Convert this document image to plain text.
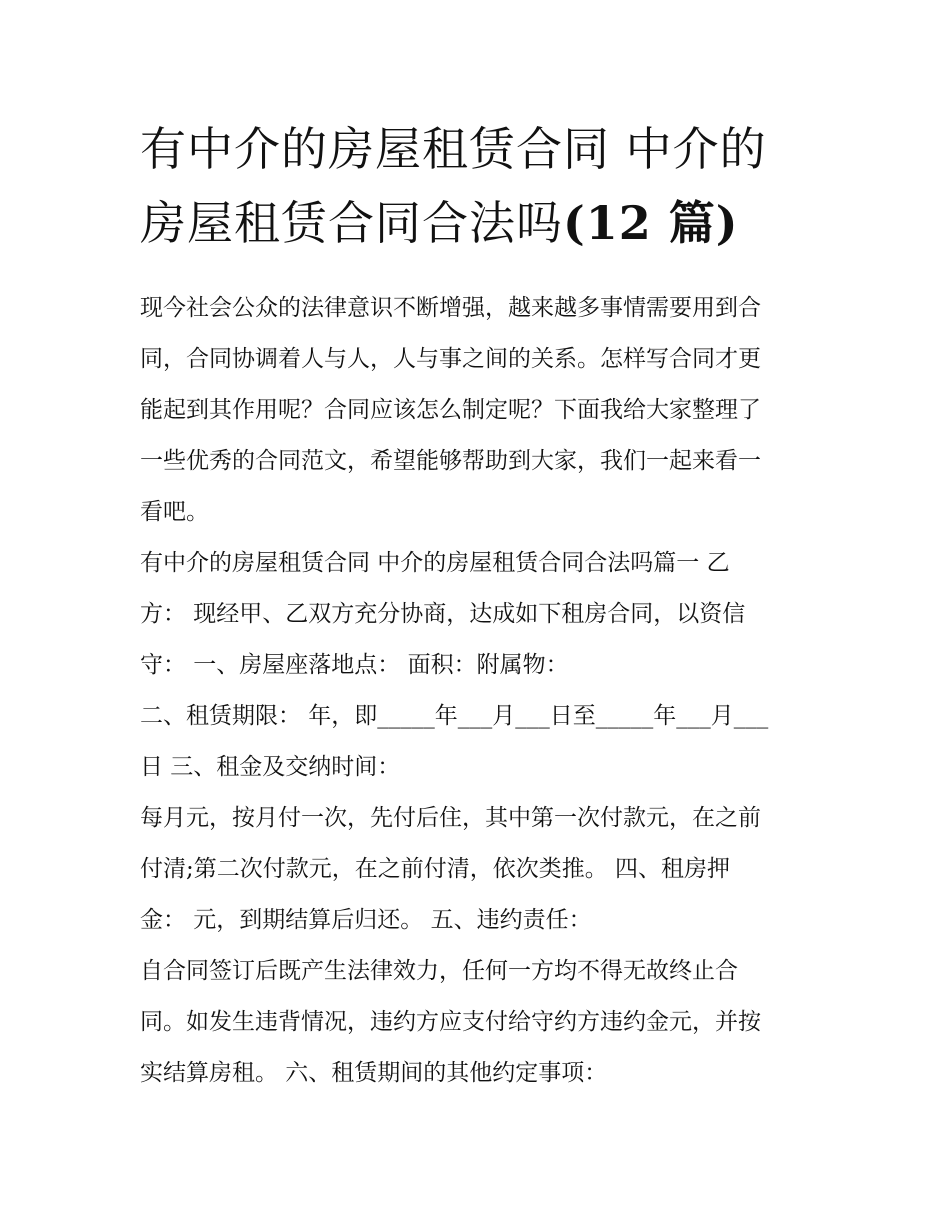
有中介的房屋租赁合同 中介的
房屋租赁合同合法吗(12 篇)
现今社会公众的法律意识不断增强，越来越多事情需要用到合
同，合同协调着人与人，人与事之间的关系。怎样写合同才更
能起到其作用呢？合同应该怎么制定呢？下面我给大家整理了
一些优秀的合同范文，希望能够帮助到大家，我们一起来看一
看吧。
有中介的房屋租赁合同 中介的房屋租赁合同合法吗篇一 乙
方： 现经甲、乙双方充分协商，达成如下租房合同，以资信
守： 一、房屋座落地点： 面积：附属物：
二、租赁期限： 年，即_____年___月___日至_____年___月___
日 三、租金及交纳时间：
每月元，按月付一次，先付后住，其中第一次付款元，在之前
付清;第二次付款元，在之前付清，依次类推。 四、租房押
金： 元，到期结算后归还。 五、违约责任：
自合同签订后既产生法律效力，任何一方均不得无故终止合
同。如发生违背情况，违约方应支付给守约方违约金元，并按
实结算房租。 六、租赁期间的其他约定事项：
